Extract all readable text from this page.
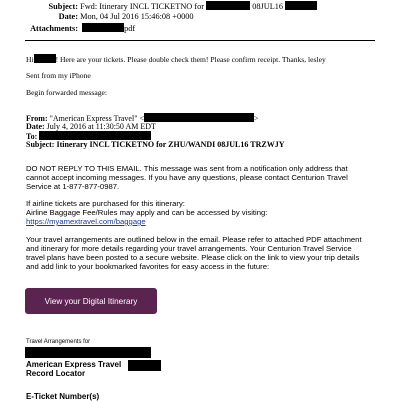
Subject: Fwd: Itinerary INCL TICKETNO for	08JUL16
Date: Mon, 04 Jul 2016 15:46:08 +0000
Attachments:	pdf
Hi	! Here are your tickets. Please double check them! Please confirm receipt. Thanks, lesley
Sent from my iPhone
Begin forwarded message:
From: "American Express Travel" <	>
Date: July 4, 2016 at 11:30:50 AM EDT
To:
Subject: Itinerary INCL TICKETNO for ZHU/WANDI 08JUL16 TRZWJY
DO NOT REPLY TO THIS EMAIL. This message was sent from a notification only address that
cannot accept incoming messages. If you have any questions, please contact Centurion Travel
Service at 1-877-877-0987.
If airline tickets are purchased for this itinerary:
Airline Baggage Fee/Rules may apply and can be accessed by visiting:
https://myamextravel.com/baggage
Your travel arrangements are outlined below in the email. Please refer to attached PDF attachment
and itinerary for more details regarding your travel arrangements. Your Centurion Travel Service
travel plans have been posted to a secure website. Please click on the link to view your trip details
and add link to your bookmarked favorites for easy access in the future:
View your Digital Itinerary
Travel Arrangements for
American Express Travel
Record Locator
E-Ticket Number(s)
